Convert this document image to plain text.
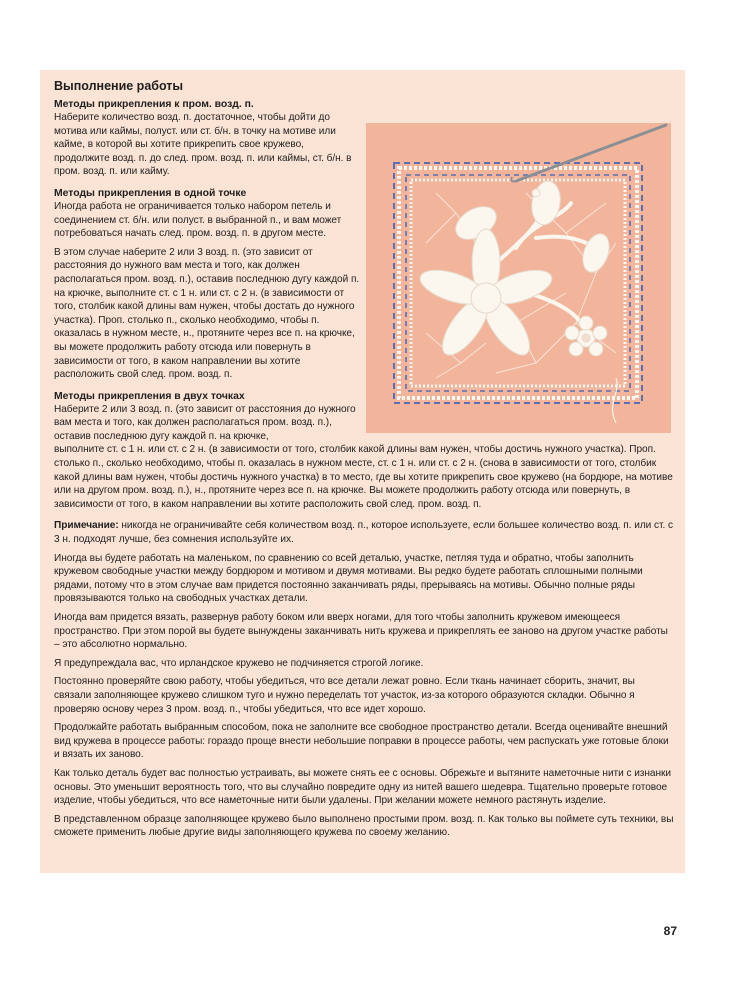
Выполнение работы
Методы прикрепления к пром. возд. п.

Наберите количество возд. п. достаточное, чтобы дойти до мотива или каймы, полуст. или ст. б/н. в точку на мотиве или кайме, в которой вы хотите прикрепить свое кружево, продолжите возд. п. до след. пром. возд. п. или каймы, ст. б/н. в пром. возд. п. или кайму.

Методы прикрепления в одной точке

Иногда работа не ограничивается только набором петель и соединением ст. б/н. или полуст. в выбранной п., и вам может потребоваться начать след. пром. возд. п. в другом месте.

В этом случае наберите 2 или 3 возд. п. (это зависит от расстояния до нужного вам места и того, как должен располагаться пром. возд. п.), оставив последнюю дугу каждой п. на крючке, выполните ст. с 1 н. или ст. с 2 н. (в зависимости от того, столбик какой длины вам нужен, чтобы достать до нужного участка). Проп. столько п., сколько необходимо, чтобы п. оказалась в нужном месте, н., протяните через все п. на крючке, вы можете продолжить работу отсюда или повернуть в зависимости от того, в каком направлении вы хотите расположить свой след. пром. возд. п.

Методы прикрепления в двух точках

Наберите 2 или 3 возд. п. (это зависит от расстояния до нужного вам места и того, как должен располагаться пром. возд. п.), оставив последнюю дугу каждой п. на крючке,

выполните ст. с 1 н. или ст. с 2 н. (в зависимости от того, столбик какой длины вам нужен, чтобы достичь нужного участка). Проп. столько п., сколько необходимо, чтобы п. оказалась в нужном месте, ст. с 1 н. или ст. с 2 н. (снова в зависимости от того, столбик какой длины вам нужен, чтобы достичь нужного участка) в то место, где вы хотите прикрепить свое кружево (на бордюре, на мотиве или на другом пром. возд. п.), н., протяните через все п. на крючке. Вы можете продолжить работу отсюда или повернуть, в зависимости от того, в каком направлении вы хотите расположить свой след. пром. возд. п.

Примечание: никогда не ограничивайте себя количеством возд. п., которое используете, если большее количество возд. п. или ст. с 3 н. подходят лучше, без сомнения используйте их.

Иногда вы будете работать на маленьком, по сравнению со всей деталью, участке, петляя туда и обратно, чтобы заполнить кружевом свободные участки между бордюром и мотивом и двумя мотивами. Вы редко будете работать сплошными полными рядами, потому что в этом случае вам придется постоянно заканчивать ряды, прерываясь на мотивы. Обычно полные ряды провязываются только на свободных участках детали.

Иногда вам придется вязать, развернув работу боком или вверх ногами, для того чтобы заполнить кружевом имеющееся пространство. При этом порой вы будете вынуждены заканчивать нить кружева и прикреплять ее заново на другом участке работы – это абсолютно нормально.

Я предупреждала вас, что ирландское кружево не подчиняется строгой логике.

Постоянно проверяйте свою работу, чтобы убедиться, что все детали лежат ровно. Если ткань начинает сборить, значит, вы связали заполняющее кружево слишком туго и нужно переделать тот участок, из-за которого образуются складки. Обычно я проверяю основу через 3 пром. возд. п., чтобы убедиться, что все идет хорошо.

Продолжайте работать выбранным способом, пока не заполните все свободное пространство детали. Всегда оценивайте внешний вид кружева в процессе работы: гораздо проще внести небольшие поправки в процессе работы, чем распускать уже готовые блоки и вязать их заново.

Как только деталь будет вас полностью устраивать, вы можете снять ее с основы. Обрежьте и вытяните наметочные нити с изнанки основы. Это уменьшит вероятность того, что вы случайно повредите одну из нитей вашего шедевра. Тщательно проверьте готовое изделие, чтобы убедиться, что все наметочные нити были удалены. При желании можете немного растянуть изделие.

В представленном образце заполняющее кружево было выполнено простыми пром. возд. п. Как только вы поймете суть техники, вы сможете применить любые другие виды заполняющего кружева по своему желанию.

87
